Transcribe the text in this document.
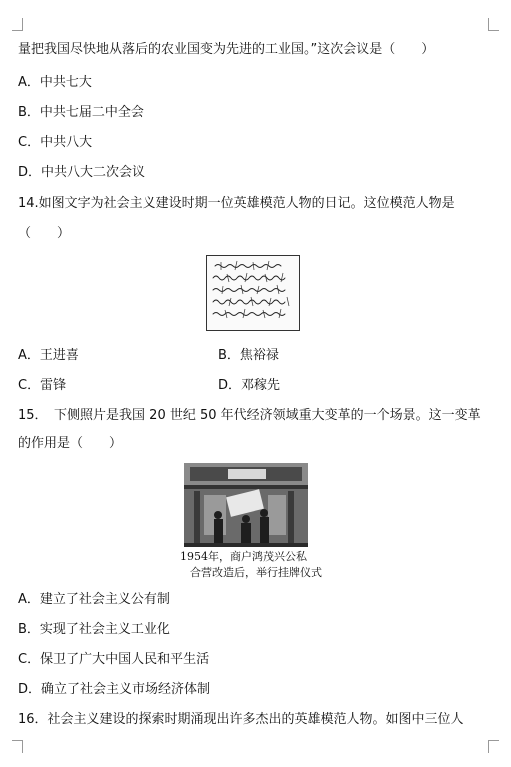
量把我国尽快地从落后的农业国变为先进的工业国。”这次会议是（　　）
A．中共七大
B．中共七届二中全会
C．中共八大
D．中共八大二次会议
14.如图文字为社会主义建设时期一位英雄模范人物的日记。这位模范人物是
（　　）
A．王进喜	B．焦裕禄
C．雷锋	D．邓稼先
15．　下侧照片是我国 20 世纪 50 年代经济领域重大变革的一个场景。这一变革
的作用是（　　）
1954年，商户鸿茂兴公私
合营改造后，举行挂牌仪式
A．建立了社会主义公有制
B．实现了社会主义工业化
C．保卫了广大中国人民和平生活
D．确立了社会主义市场经济体制
16．社会主义建设的探索时期涌现出许多杰出的英雄模范人物。如图中三位人
